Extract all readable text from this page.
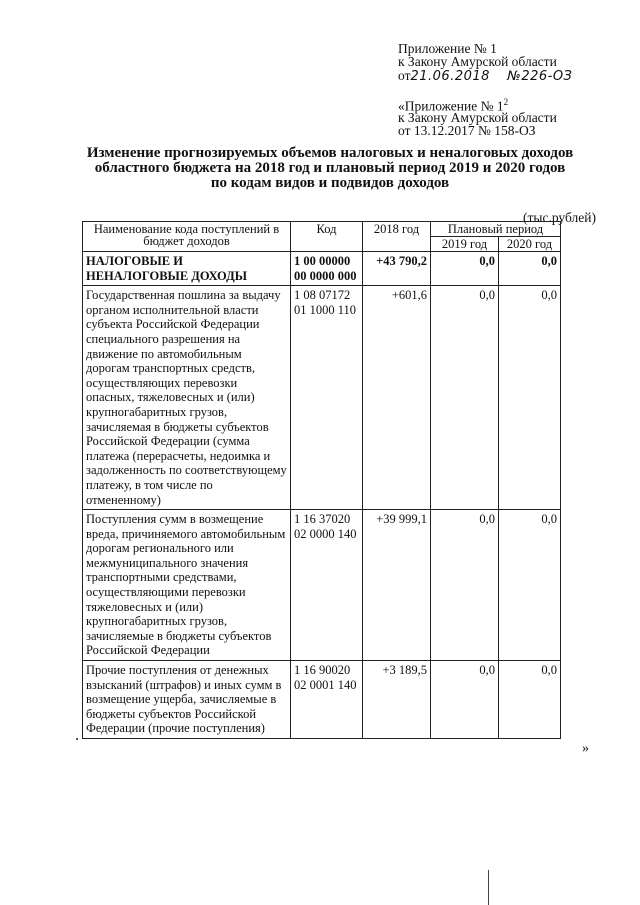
Приложение № 1
к Закону Амурской области
от21.06.2018 №226-ОЗ
«Приложение № $1^2$
к Закону Амурской области
от 13.12.2017 № 158-ОЗ
Изменение прогнозируемых объемов налоговых и неналоговых доходов
областного бюджета на 2018 год и плановый период 2019 и 2020 годов
по кодам видов и подвидов доходов
(тыс.рублей)
Наименование кода поступлений в бюджет доходов	Код	2018 год	Плановый период	
			2019 год	2020 год
НАЛОГОВЫЕ И НЕНАЛОГОВЫЕ ДОХОДЫ	1 00 00000 00 0000 000	+43 790,2	0,0	0,0
Государственная пошлина за выдачу органом исполнительной власти субъекта Российской Федерации специального разрешения на движение по автомобильным дорогам транспортных средств, осуществляющих перевозки опасных, тяжеловесных и (или) крупногабаритных грузов, зачисляемая в бюджеты субъектов Российской Федерации (сумма платежа (перерасчеты, недоимка и задолженность по соответствующему платежу, в том числе по отмененному)	1 08 07172 01 1000 110	+601,6	0,0	0,0
Поступления сумм в возмещение вреда, причиняемого автомобильным дорогам регионального или межмуниципального значения транспортными средствами, осуществляющими перевозки тяжеловесных и (или) крупногабаритных грузов, зачисляемые в бюджеты субъектов Российской Федерации	1 16 37020 02 0000 140	+39 999,1	0,0	0,0
Прочие поступления от денежных взысканий (штрафов) и иных сумм в возмещение ущерба, зачисляемые в бюджеты субъектов Российской Федерации (прочие поступления)	1 16 90020 02 0001 140	+3 189,5	0,0	0,0
»
